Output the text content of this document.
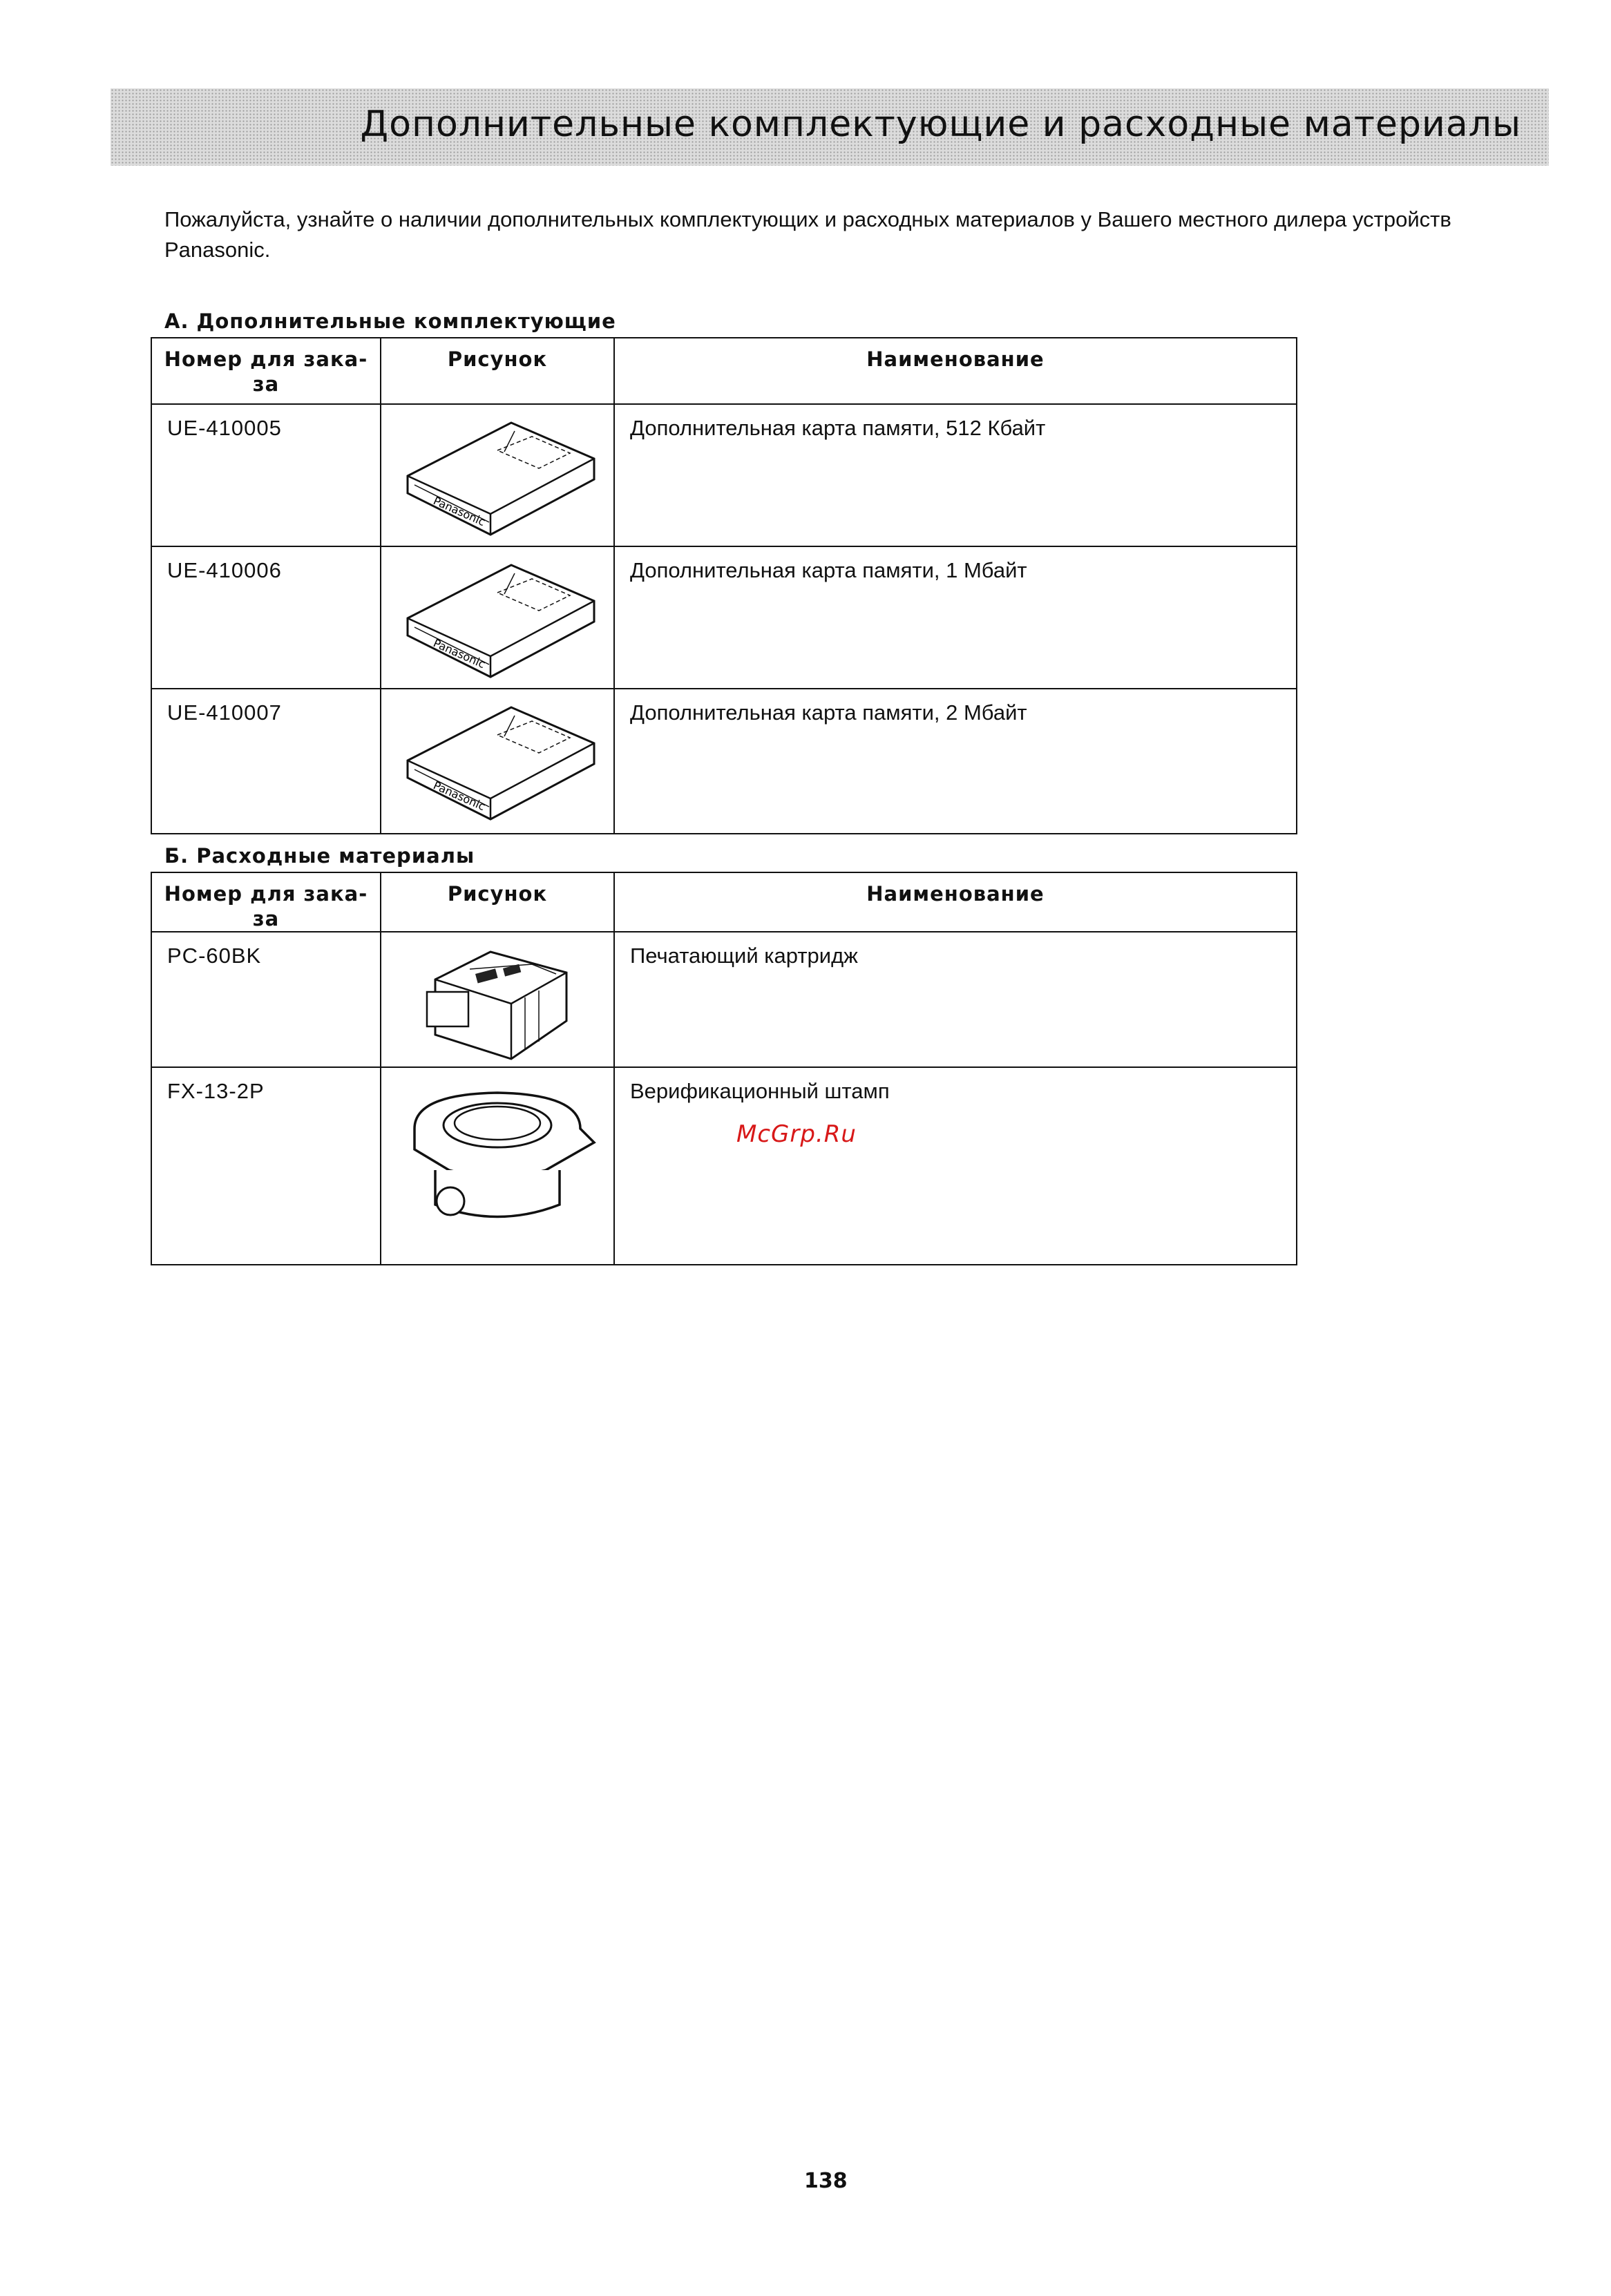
Дополнительные комплектующие и расходные материалы
Пожалуйста, узнайте о наличии дополнительных комплектующих и расходных материалов у Вашего местного дилера устройств Panasonic.
А. Дополнительные комплектующие
Номер для зака-за	Рисунок	Наименование
UE-410005	Panasonic	Дополнительная карта памяти, 512 Кбайт
UE-410006	Panasonic	Дополнительная карта памяти, 1 Мбайт
UE-410007	Panasonic	Дополнительная карта памяти, 2 Мбайт
Б. Расходные материалы
Номер для зака-за	Рисунок	Наименование
PC-60BK		Печатающий картридж
FX-13-2P		Верификационный штамп
McGrp.Ru
138
